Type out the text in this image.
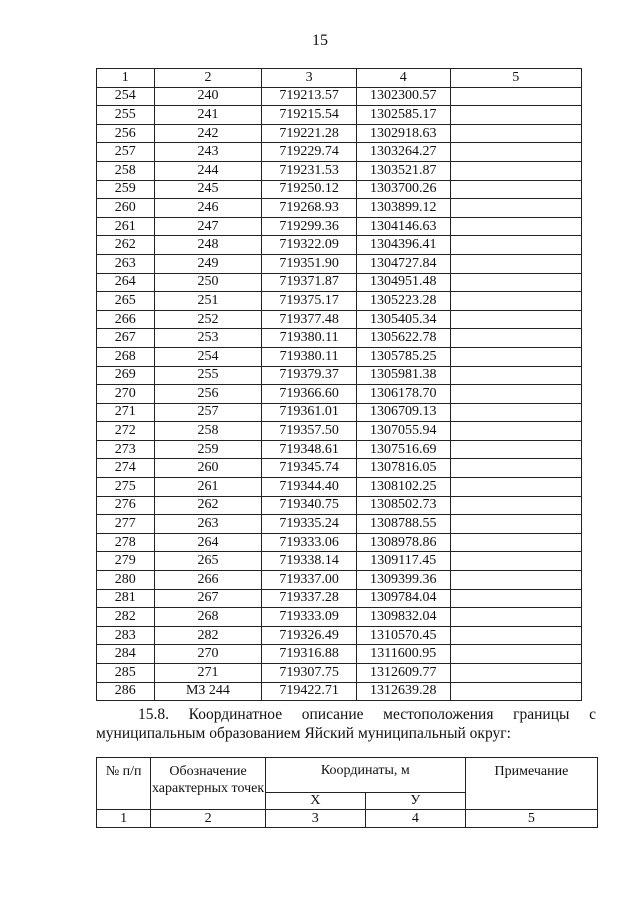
15
1	2	3	4	5
254	240	719213.57	1302300.57	
255	241	719215.54	1302585.17	
256	242	719221.28	1302918.63	
257	243	719229.74	1303264.27	
258	244	719231.53	1303521.87	
259	245	719250.12	1303700.26	
260	246	719268.93	1303899.12	
261	247	719299.36	1304146.63	
262	248	719322.09	1304396.41	
263	249	719351.90	1304727.84	
264	250	719371.87	1304951.48	
265	251	719375.17	1305223.28	
266	252	719377.48	1305405.34	
267	253	719380.11	1305622.78	
268	254	719380.11	1305785.25	
269	255	719379.37	1305981.38	
270	256	719366.60	1306178.70	
271	257	719361.01	1306709.13	
272	258	719357.50	1307055.94	
273	259	719348.61	1307516.69	
274	260	719345.74	1307816.05	
275	261	719344.40	1308102.25	
276	262	719340.75	1308502.73	
277	263	719335.24	1308788.55	
278	264	719333.06	1308978.86	
279	265	719338.14	1309117.45	
280	266	719337.00	1309399.36	
281	267	719337.28	1309784.04	
282	268	719333.09	1309832.04	
283	282	719326.49	1310570.45	
284	270	719316.88	1311600.95	
285	271	719307.75	1312609.77	
286	МЗ 244	719422.71	1312639.28	
15.8. Координатное описание местоположения границы с
муниципальным образованием Яйский муниципальный округ:
№ п/п	Обозначение характерных точек	Координаты, м		Примечание
		Х	У	
1	2	3	4	5
